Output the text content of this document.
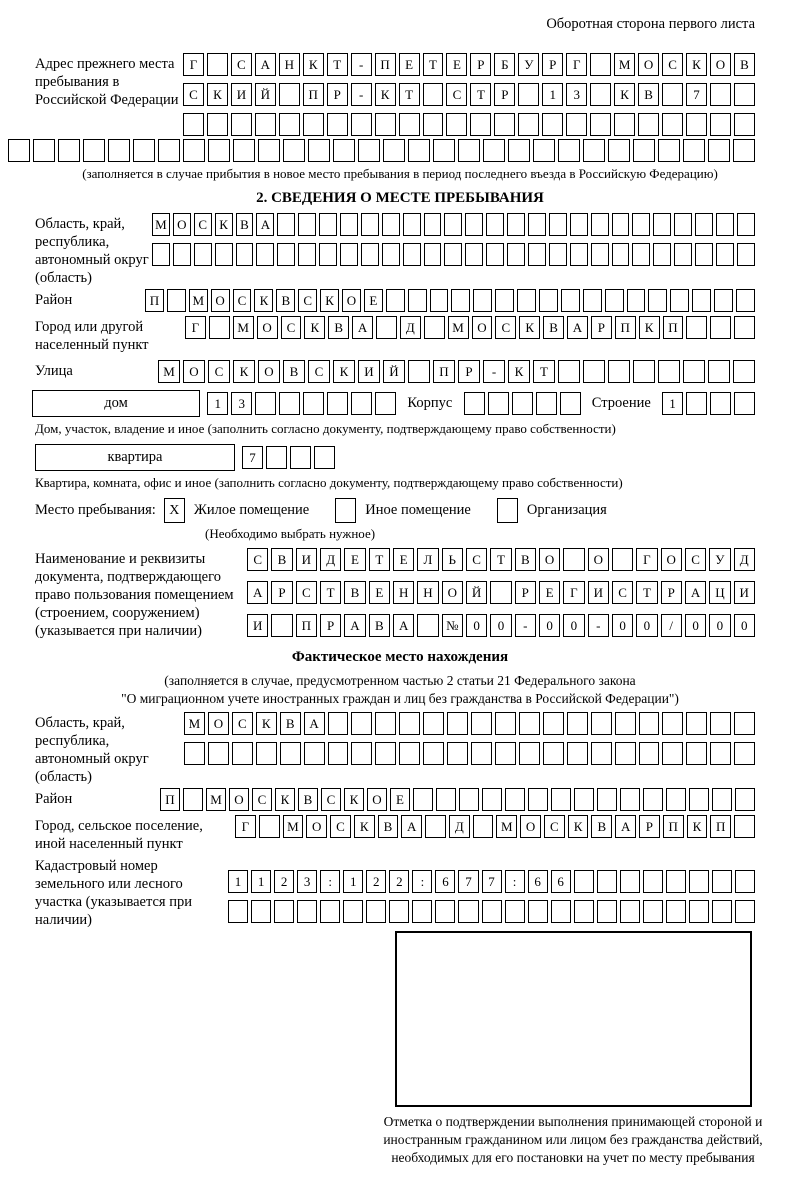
Оборотная сторона первого листа
Адрес прежнего места пребывания в Российской Федерации
Г	С	А	Н	К	Т	-	П	Е	Т	Е	Р	Б	У	Р	Г	М	О	С	К	О	В
С	К	И	Й	П	Р	-	К	Т	С	Т	Р	1	3	К	В	7
(заполняется в случае прибытия в новое место пребывания в период последнего въезда в Российскую Федерацию)
2. СВЕДЕНИЯ О МЕСТЕ ПРЕБЫВАНИЯ
Область, край, республика, автономный округ (область)
М О С К В А
Район	П	М О С	К	В	С	К О	Е
Город или другой населенный пункт
Г	М	О	С	К	В	А	Д	М	О	С	К	В	А	Р	П	К	П
Улица	М	О	С	К	О	В	С	К	И	Й	П	Р	-	К	Т
дом	1	3	Корпус	Строение	1
Дом, участок, владение и иное (заполнить согласно документу, подтверждающему право собственности)
квартира	7
Квартира, комната, офис и иное (заполнить согласно документу, подтверждающему право собственности)
Место пребывания: X Жилое помещение	Иное помещение	Организация
(Необходимо выбрать нужное)
Наименование и реквизиты документа, подтверждающего право пользования помещением (строением, сооружением) (указывается при наличии)
С	В	И	Д	Е	Т	Е	Л	Ь	С	Т	В	О	О	Г	О	С	У	Д
А	Р	С	Т	В	Е	Н	Н	О	Й	Р	Е	Г	И	С	Т	Р	А	Ц	И
И	П	Р	А	В	А	№	0	0	-	0	0	-	0	0	/	0	0	0
Фактическое место нахождения
(заполняется в случае, предусмотренном частью 2 статьи 21 Федерального закона
"О миграционном учете иностранных граждан и лиц без гражданства в Российской Федерации")
Область, край, республика, автономный округ (область)
М	О	С	К	В	А
Район	П	М О	С	К	В	С	К	О	Е
Город, сельское поселение, иной населенный пункт
Г	М	О	С	К	В	А	Д	М	О	С	К	В	А	Р	П	К	П
Кадастровый номер земельного или лесного участка (указывается при наличии)
1	1	2	3	:	1	2	2	:	6	7	7	:	6	6
Отметка о подтверждении выполнения принимающей стороной и иностранным гражданином или лицом без гражданства действий, необходимых для его постановки на учет по месту пребывания
